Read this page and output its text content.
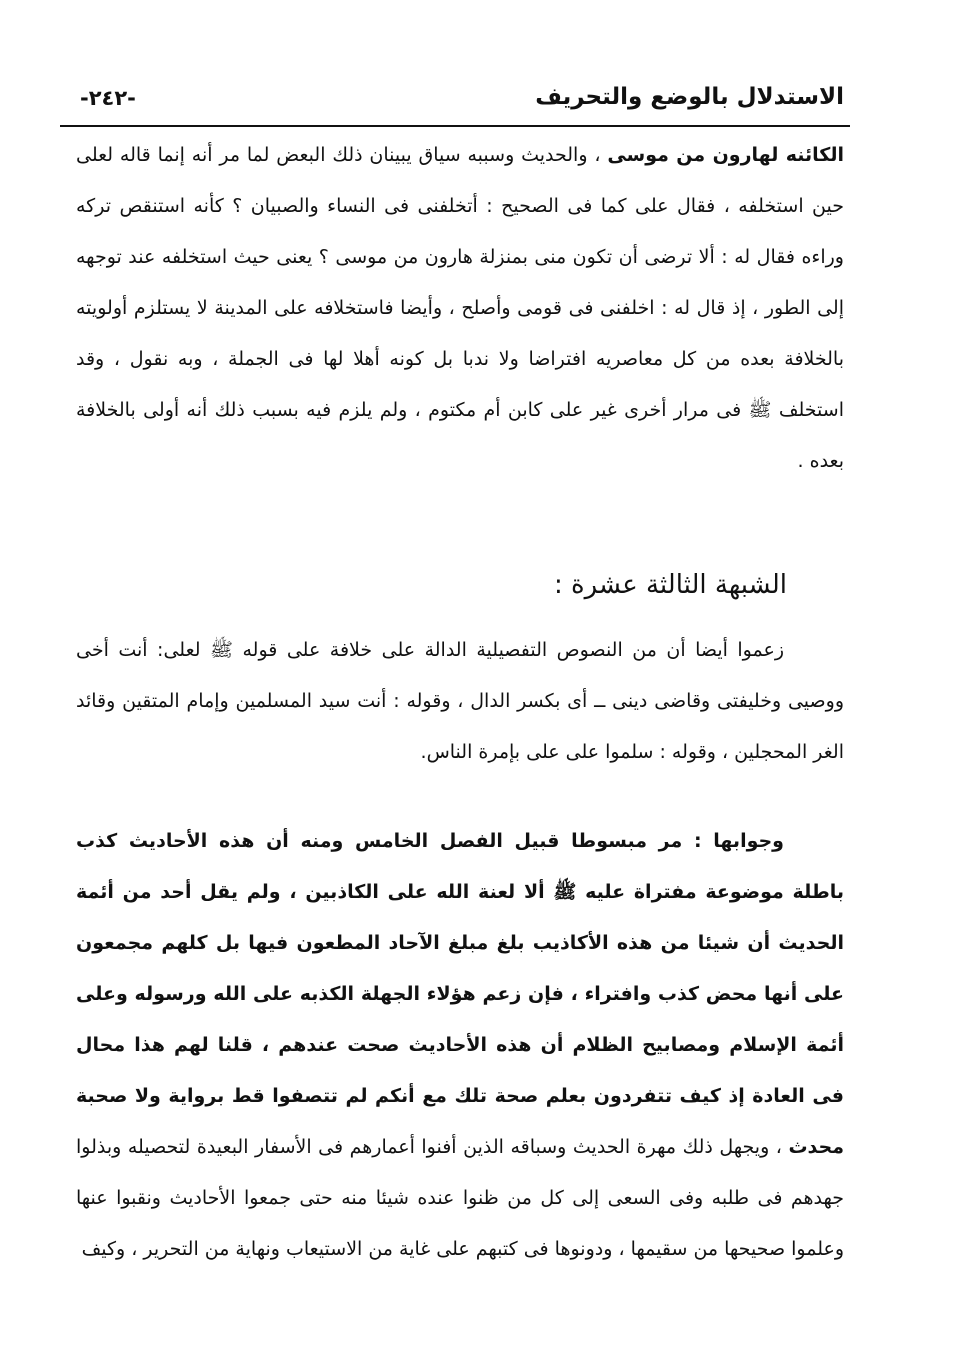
-٢٤٢-	الاستدلال بالوضع والتحريف

الكائنه لهارون من موسى ، والحديث وسببه سياق يبينان ذلك البعض لما مر أنه إنما قاله لعلى حين استخلفه ، فقال على كما فى الصحيح : أتخلفنى فى النساء والصبيان ؟ كأنه استنقص تركه وراءه فقال له : ألا ترضى أن تكون منى بمنزلة هارون من موسى ؟ يعنى حيث استخلفه عند توجهه إلى الطور ، إذ قال له : اخلفنى فى قومى وأصلح ، وأيضا فاستخلافه على المدينة لا يستلزم أولويته بالخلافة بعده من كل معاصريه افتراضا ولا ندبا بل كونه أهلا لها فى الجملة ، وبه نقول ، وقد استخلف ﷺ فى مرار أخرى غير على كابن أم مكتوم ، ولم يلزم فيه بسبب ذلك أنه أولى بالخلافة بعده .

الشبهة الثالثة عشرة :

زعموا أيضا أن من النصوص التفصيلية الدالة على خلافة على قوله ﷺ لعلى: أنت أخى ووصيى وخليفتى وقاضى دينى ــ أى بكسر الدال ، وقوله : أنت سيد المسلمين وإمام المتقين وقائد الغر المحجلين ، وقوله : سلموا على على بإمرة الناس.

وجوابها : مر مبسوطا قبيل الفصل الخامس ومنه أن هذه الأحاديث كذب باطلة موضوعة مفتراة عليه ﷺ ألا لعنة الله على الكاذبين ، ولم يقل أحد من أئمة الحديث أن شيئا من هذه الأكاذيب بلغ مبلغ الآحاد المطعون فيها بل كلهم مجمعون على أنها محض كذب وافتراء ، فإن زعم هؤلاء الجهلة الكذبه على الله ورسوله وعلى أئمة الإسلام ومصابيح الظلام أن هذه الأحاديث صحت عندهم ، قلنا لهم هذا محال فى العادة إذ كيف تتفردون بعلم صحة تلك مع أنكم لم تتصفوا قط برواية ولا صحبة محدث ، ويجهل ذلك مهرة الحديث وسباقه الذين أفنوا أعمارهم فى الأسفار البعيدة لتحصيله وبذلوا جهدهم فى طلبه وفى السعى إلى كل من ظنوا عنده شيئا منه حتى جمعوا الأحاديث ونقبوا عنها وعلموا صحيحها من سقيمها ، ودونوها فى كتبهم على غاية من الاستيعاب ونهاية من التحرير ، وكيف
